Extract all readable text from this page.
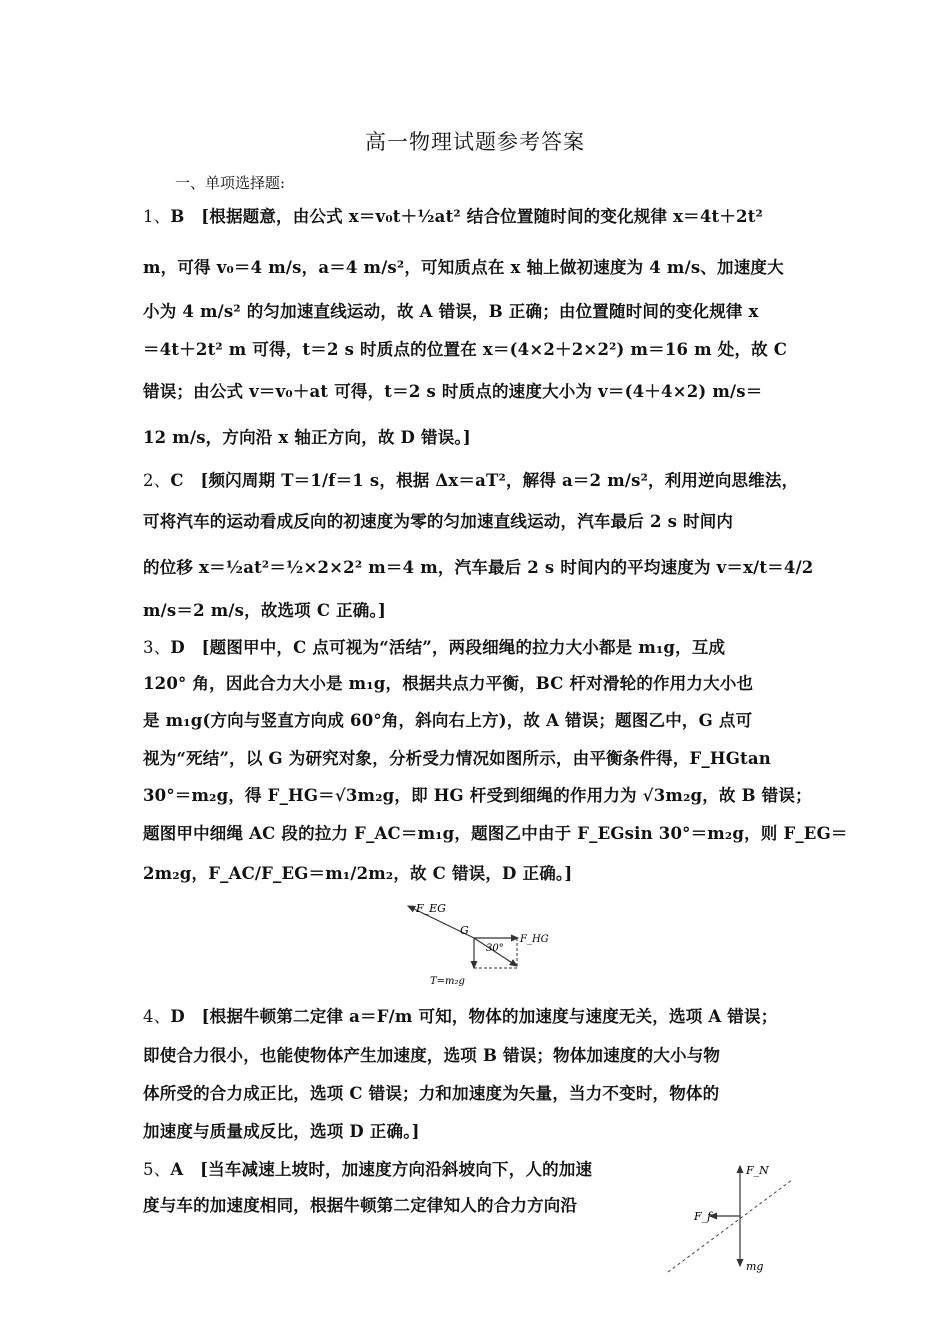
高一物理试题参考答案
一、单项选择题:
1、B　[根据题意，由公式 x＝v₀t＋½at² 结合位置随时间的变化规律 x＝4t＋2t²
m，可得 v₀＝4 m/s，a＝4 m/s²，可知质点在 x 轴上做初速度为 4 m/s、加速度大
小为 4 m/s² 的匀加速直线运动，故 A 错误，B 正确；由位置随时间的变化规律 x
＝4t＋2t² m 可得，t＝2 s 时质点的位置在 x＝(4×2＋2×2²) m＝16 m 处，故 C
错误；由公式 v＝v₀＋at 可得，t＝2 s 时质点的速度大小为 v＝(4＋4×2) m/s＝
12 m/s，方向沿 x 轴正方向，故 D 错误。]
2、C　[频闪周期 T＝1/f＝1 s，根据 Δx＝aT²，解得 a＝2 m/s²，利用逆向思维法，
可将汽车的运动看成反向的初速度为零的匀加速直线运动，汽车最后 2 s 时间内
的位移 x＝½at²＝½×2×2² m＝4 m，汽车最后 2 s 时间内的平均速度为 v＝x/t＝4/2
m/s＝2 m/s，故选项 C 正确。]
3、D　[题图甲中，C 点可视为“活结”，两段细绳的拉力大小都是 m₁g，互成
120° 角，因此合力大小是 m₁g，根据共点力平衡，BC 杆对滑轮的作用力大小也
是 m₁g(方向与竖直方向成 60°角，斜向右上方)，故 A 错误；题图乙中，G 点可
视为“死结”，以 G 为研究对象，分析受力情况如图所示，由平衡条件得，F_HGtan
30°＝m₂g，得 F_HG＝√3m₂g，即 HG 杆受到细绳的作用力为 √3m₂g，故 B 错误；
题图甲中细绳 AC 段的拉力 F_AC＝m₁g，题图乙中由于 F_EGsin 30°＝m₂g，则 F_EG＝
2m₂g，F_AC/F_EG＝m₁/2m₂，故 C 错误，D 正确。]
F_EG
G
30°
F_HG
T=m₂g
4、D　[根据牛顿第二定律 a＝F/m 可知，物体的加速度与速度无关，选项 A 错误；
即使合力很小，也能使物体产生加速度，选项 B 错误；物体加速度的大小与物
体所受的合力成正比，选项 C 错误；力和加速度为矢量，当力不变时，物体的
加速度与质量成反比，选项 D 正确。]
5、A　[当车减速上坡时，加速度方向沿斜坡向下，人的加速
度与车的加速度相同，根据牛顿第二定律知人的合力方向沿
F_N
F_f
mg
